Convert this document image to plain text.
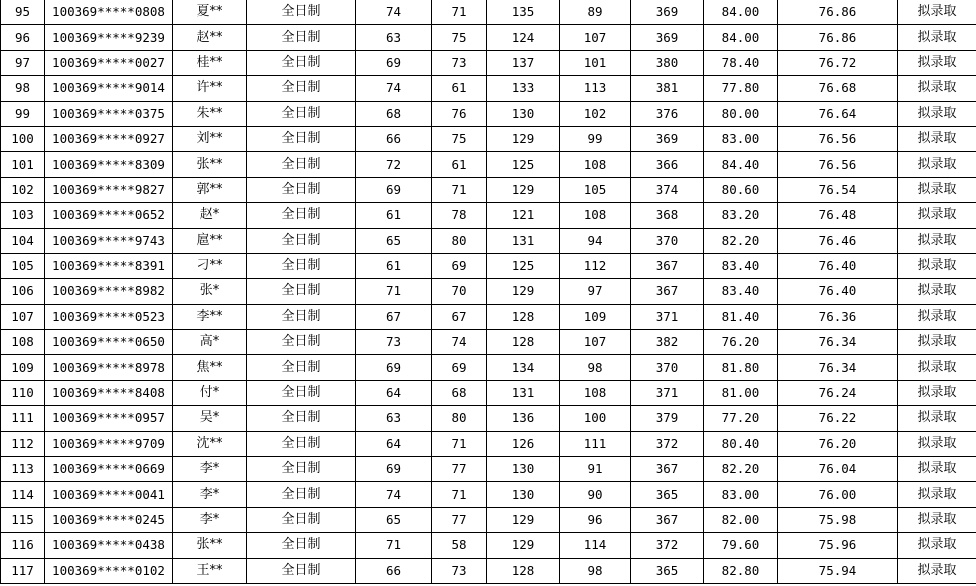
95	100369*****0808	夏**	全日制	74	71	135	89	369	84.00	76.86	拟录取
96	100369*****9239	赵**	全日制	63	75	124	107	369	84.00	76.86	拟录取
97	100369*****0027	桂**	全日制	69	73	137	101	380	78.40	76.72	拟录取
98	100369*****9014	许**	全日制	74	61	133	113	381	77.80	76.68	拟录取
99	100369*****0375	朱**	全日制	68	76	130	102	376	80.00	76.64	拟录取
100	100369*****0927	刘**	全日制	66	75	129	99	369	83.00	76.56	拟录取
101	100369*****8309	张**	全日制	72	61	125	108	366	84.40	76.56	拟录取
102	100369*****9827	郭**	全日制	69	71	129	105	374	80.60	76.54	拟录取
103	100369*****0652	赵*	全日制	61	78	121	108	368	83.20	76.48	拟录取
104	100369*****9743	扈**	全日制	65	80	131	94	370	82.20	76.46	拟录取
105	100369*****8391	刁**	全日制	61	69	125	112	367	83.40	76.40	拟录取
106	100369*****8982	张*	全日制	71	70	129	97	367	83.40	76.40	拟录取
107	100369*****0523	李**	全日制	67	67	128	109	371	81.40	76.36	拟录取
108	100369*****0650	高*	全日制	73	74	128	107	382	76.20	76.34	拟录取
109	100369*****8978	焦**	全日制	69	69	134	98	370	81.80	76.34	拟录取
110	100369*****8408	付*	全日制	64	68	131	108	371	81.00	76.24	拟录取
111	100369*****0957	吴*	全日制	63	80	136	100	379	77.20	76.22	拟录取
112	100369*****9709	沈**	全日制	64	71	126	111	372	80.40	76.20	拟录取
113	100369*****0669	李*	全日制	69	77	130	91	367	82.20	76.04	拟录取
114	100369*****0041	李*	全日制	74	71	130	90	365	83.00	76.00	拟录取
115	100369*****0245	李*	全日制	65	77	129	96	367	82.00	75.98	拟录取
116	100369*****0438	张**	全日制	71	58	129	114	372	79.60	75.96	拟录取
117	100369*****0102	王**	全日制	66	73	128	98	365	82.80	75.94	拟录取
